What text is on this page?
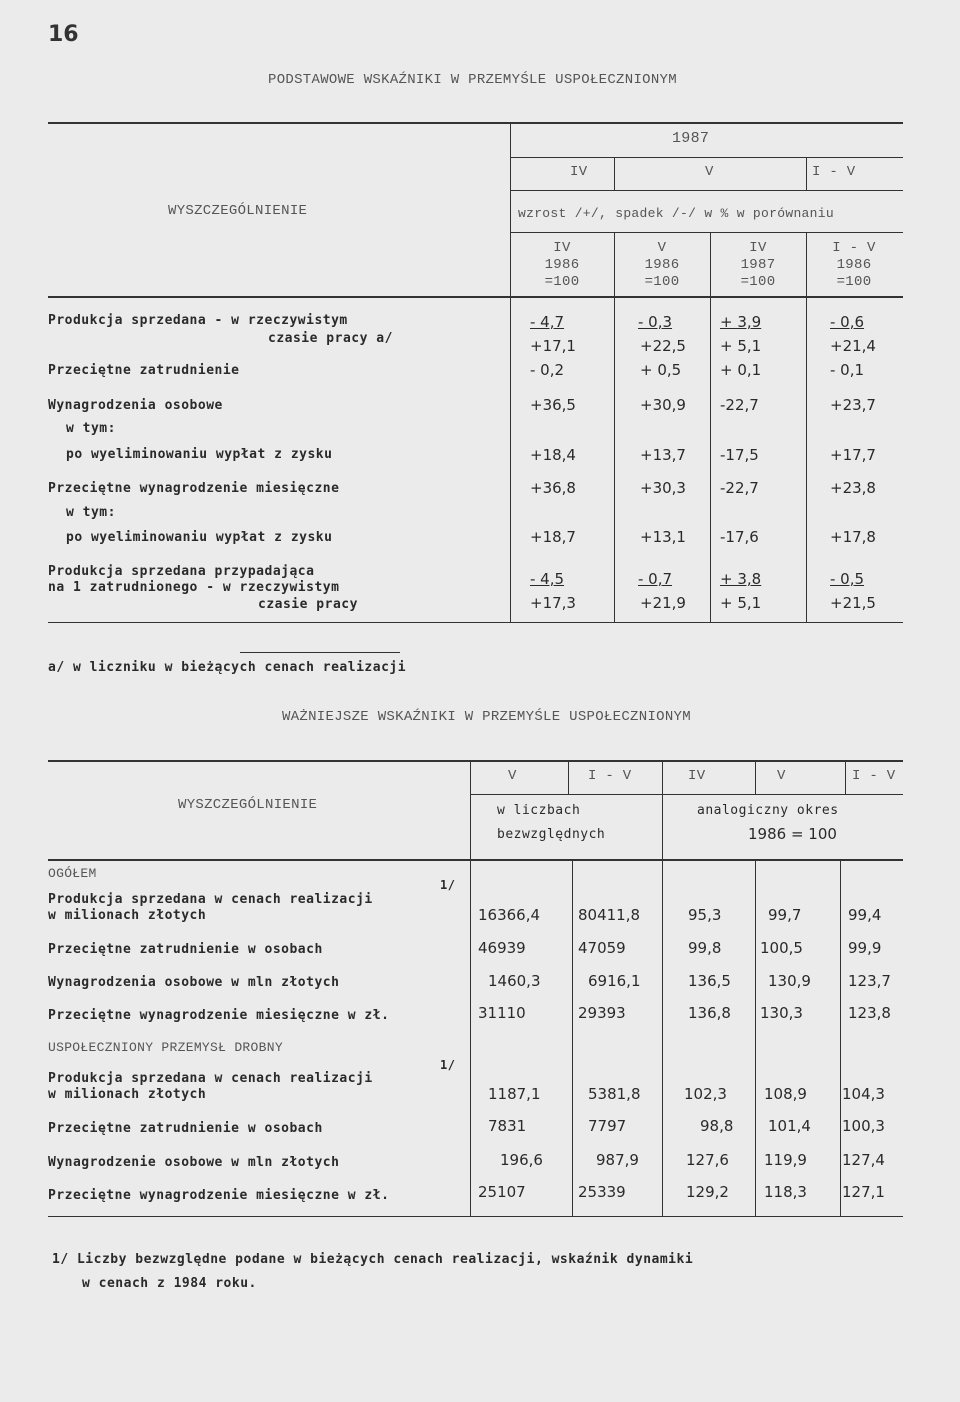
16
PODSTAWOWE WSKAŹNIKI W PRZEMYŚLE USPOŁECZNIONYM
WYSZCZEGÓLNIENIE
1987
IV	V	I - V
wzrost /+/, spadek /-/ w % w porównaniu
IV
1986
=100
V
1986
=100
IV
1987
=100
I - V
1986
=100
Produkcja sprzedana - w rzeczywistym
czasie pracy a/
- 4,7	- 0,3	+ 3,9	- 0,6
+17,1	+22,5 + 5,1	+21,4
Przeciętne zatrudnienie	- 0,2	+ 0,5	+ 0,1	- 0,1
Wynagrodzenia osobowe	+36,5	+30,9 -22,7	+23,7
w tym:
po wyeliminowaniu wypłat z zysku	+18,4	+13,7 -17,5	+17,7
Przeciętne wynagrodzenie miesięczne	+36,8	+30,3 -22,7	+23,8
w tym:
po wyeliminowaniu wypłat z zysku	+18,7	+13,1 -17,6	+17,8
Produkcja sprzedana przypadająca
na 1 zatrudnionego - w rzeczywistym
czasie pracy
- 4,5	- 0,7	+ 3,8	- 0,5
+17,3	+21,9 + 5,1	+21,5
a/ w liczniku w bieżących cenach realizacji
WAŻNIEJSZE WSKAŹNIKI W PRZEMYŚLE USPOŁECZNIONYM
WYSZCZEGÓLNIENIE
V	I - V	IV	V	I - V
w liczbach
bezwzględnych
analogiczny okres
1986 = 100
OGÓŁEM
Produkcja sprzedana w cenach realizacji
1/
w milionach złotych	16366,4	80411,8	95,3	99,7	99,4
Przeciętne zatrudnienie w osobach	46939	47059	99,8	100,5	99,9
Wynagrodzenia osobowe w mln złotych	1460,3	6916,1	136,5 130,9 123,7
Przeciętne wynagrodzenie miesięczne w zł.	31110	29393	136,8 130,3	123,8
USPOŁECZNIONY PRZEMYSŁ DROBNY
Produkcja sprzedana w cenach realizacji
1/
w milionach złotych	1187,1	5381,8	102,3 108,9 104,3
Przeciętne zatrudnienie w osobach	7831	7797	98,8 101,4 100,3
Wynagrodzenie osobowe w mln złotych	196,6	987,9	127,6 119,9 127,4
Przeciętne wynagrodzenie miesięczne w zł.	25107	25339	129,2 118,3 127,1
1/ Liczby bezwzględne podane w bieżących cenach realizacji, wskaźnik dynamiki
w cenach z 1984 roku.
